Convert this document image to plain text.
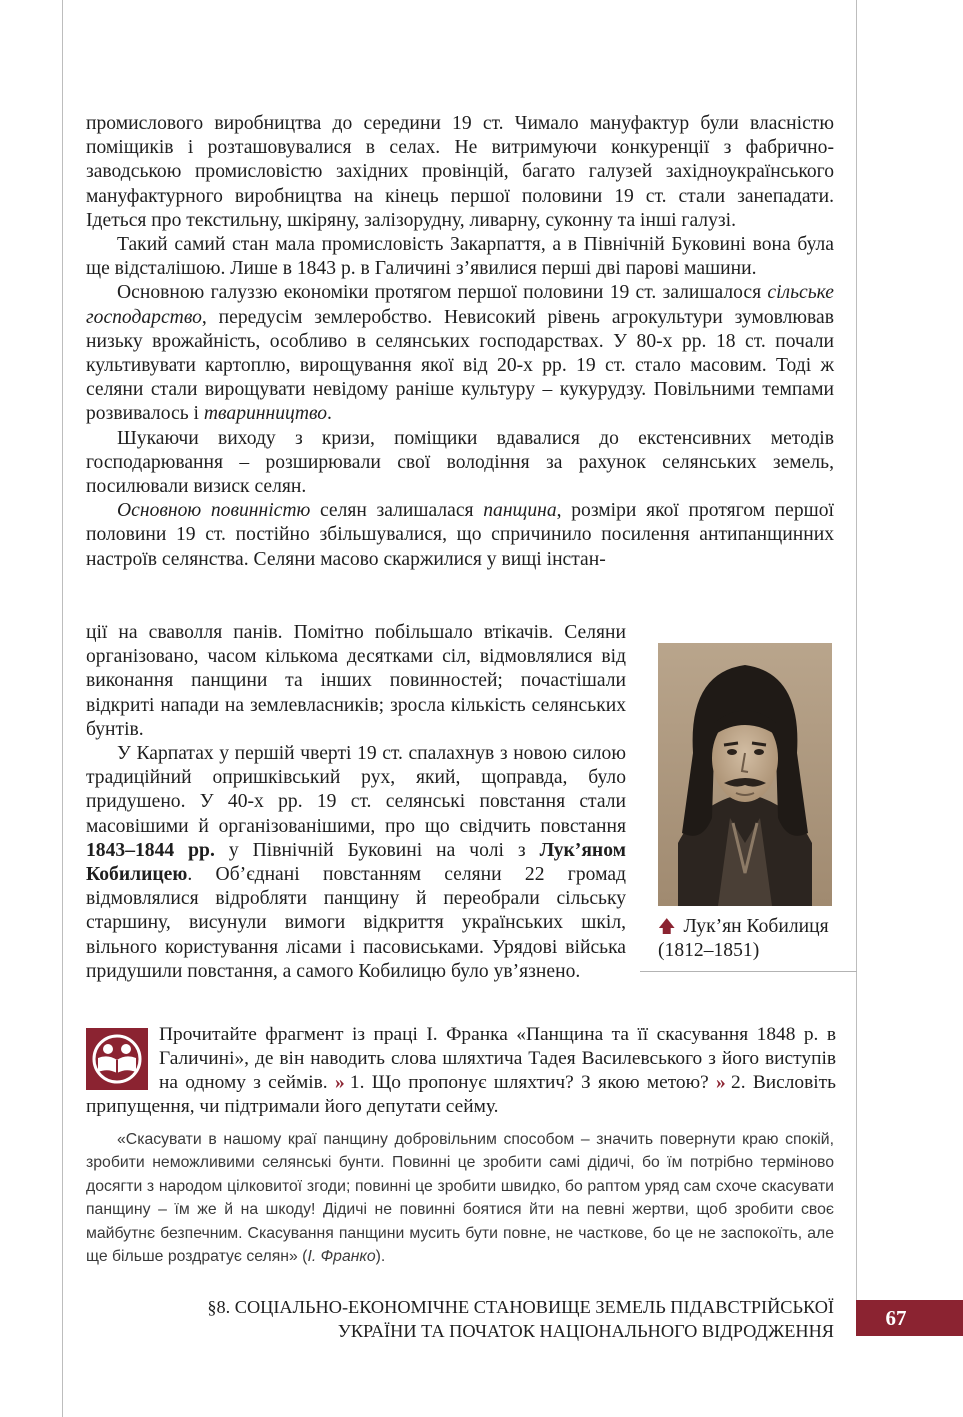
промислового виробництва до середини 19 ст. Чимало мануфактур були власністю поміщиків і розташовувалися в селах. Не витримуючи конкуренції з фабрично-заводською промисловістю західних провінцій, багато галузей західноукраїнського мануфактурного виробництва на кінець першої половини 19 ст. стали занепадати. Ідеться про текстильну, шкіряну, залізорудну, ливарну, суконну та інші галузі.

Такий самий стан мала промисловість Закарпаття, а в Північній Буковині вона була ще відсталішою. Лише в 1843 р. в Галичині з’явилися перші дві парові машини.

Основною галуззю економіки протягом першої половини 19 ст. залишалося сільське господарство, передусім землеробство. Невисокий рівень агрокультури зумовлював низьку врожайність, особливо в селянських господарствах. У 80-х рр. 18 ст. почали культивувати картоплю, вирощування якої від 20-х рр. 19 ст. стало масовим. Тоді ж селяни стали вирощувати невідому раніше культуру – кукурудзу. Повільними темпами розвивалось і тваринництво.

Шукаючи виходу з кризи, поміщики вдавалися до екстенсивних методів господарювання – розширювали свої володіння за рахунок селянських земель, посилювали визиск селян.

Основною повинністю селян залишалася панщина, розміри якої протягом першої половини 19 ст. постійно збільшувалися, що спричинило посилення антипанщинних настроїв селянства. Селяни масово скаржилися у вищі інстан-

ції на сваволля панів. Помітно побільшало втікачів. Селяни організовано, часом кількома десятками сіл, відмовлялися від виконання панщини та інших повинностей; почастішали відкриті напади на землевласників; зросла кількість селянських бунтів.

У Карпатах у першій чверті 19 ст. спалахнув з новою силою традиційний опришківський рух, який, щоправда, було придушено. У 40-х рр. 19 ст. селянські повстання стали масовішими й організованішими, про що свідчить повстання 1843–1844 рр. у Північній Буковині на чолі з Лук’яном Кобилицею. Об’єднані повстанням селяни 22 громад відмовлялися відробляти панщину й переобрали сільську старшину, висунули вимоги відкриття українських шкіл, вільного користування лісами і пасовиськами. Урядові війська придушили повстання, а самого Кобилицю було ув’язнено.

🡅 Лук’ян Кобилиця (1812–1851)
Прочитайте фрагмент із праці І. Франка «Панщина та її скасування 1848 р. в Галичині», де він наводить слова шляхтича Тадея Василевського з його виступів на одному з сеймів. » 1. Що пропонує шляхтич? З якою метою? » 2. Висловіть припущення, чи підтримали його депутати сейму.

«Скасувати в нашому краї панщину добровільним способом – значить повернути краю спокій, зробити неможливими селянські бунти. Повинні це зробити самі дідичі, бо їм потрібно терміново досягти з народом цілковитої згоди; повинні це зробити швидко, бо раптом уряд сам схоче скасувати панщину – їм же й на шкоду! Дідичі не повинні боятися йти на певні жертви, щоб зробити своє майбутнє безпечним. Скасування панщини мусить бути повне, не часткове, бо це не заспокоїть, але ще більше роздратує селян» (І. Франко).

§8. СОЦІАЛЬНО-ЕКОНОМІЧНЕ СТАНОВИЩЕ ЗЕМЕЛЬ ПІДАВСТРІЙСЬКОЇ
УКРАЇНИ ТА ПОЧАТОК НАЦІОНАЛЬНОГО ВІДРОДЖЕННЯ
67
